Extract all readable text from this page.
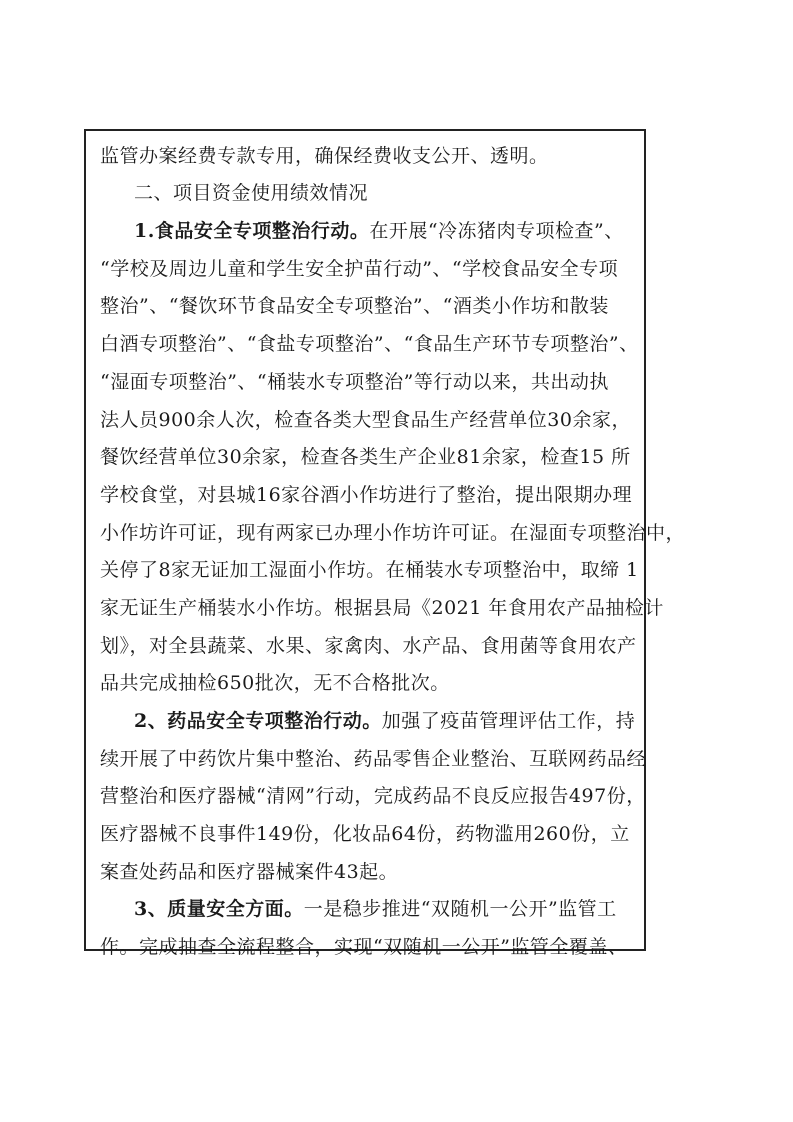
监管办案经费专款专用，确保经费收支公开、透明。
二、项目资金使用绩效情况
1.食品安全专项整治行动。在开展“冷冻猪肉专项检查”、
“学校及周边儿童和学生安全护苗行动”、“学校食品安全专项
整治”、“餐饮环节食品安全专项整治”、“酒类小作坊和散装
白酒专项整治”、“食盐专项整治”、“食品生产环节专项整治”、
“湿面专项整治”、“桶装水专项整治”等行动以来，共出动执
法人员900余人次，检查各类大型食品生产经营单位30余家，
餐饮经营单位30余家，检查各类生产企业81余家，检查15 所
学校食堂，对县城16家谷酒小作坊进行了整治，提出限期办理
小作坊许可证，现有两家已办理小作坊许可证。在湿面专项整治中，
关停了8家无证加工湿面小作坊。在桶装水专项整治中，取缔 1
家无证生产桶装水小作坊。根据县局《2021 年食用农产品抽检计
划》，对全县蔬菜、水果、家禽肉、水产品、食用菌等食用农产
品共完成抽检650批次，无不合格批次。
2、药品安全专项整治行动。加强了疫苗管理评估工作，持
续开展了中药饮片集中整治、药品零售企业整治、互联网药品经
营整治和医疗器械“清网”行动，完成药品不良反应报告497份，
医疗器械不良事件149份，化妆品64份，药物滥用260份，立
案查处药品和医疗器械案件43起。
3、质量安全方面。一是稳步推进“双随机一公开”监管工
作。完成抽查全流程整合，实现“双随机一公开”监管全覆盖、
